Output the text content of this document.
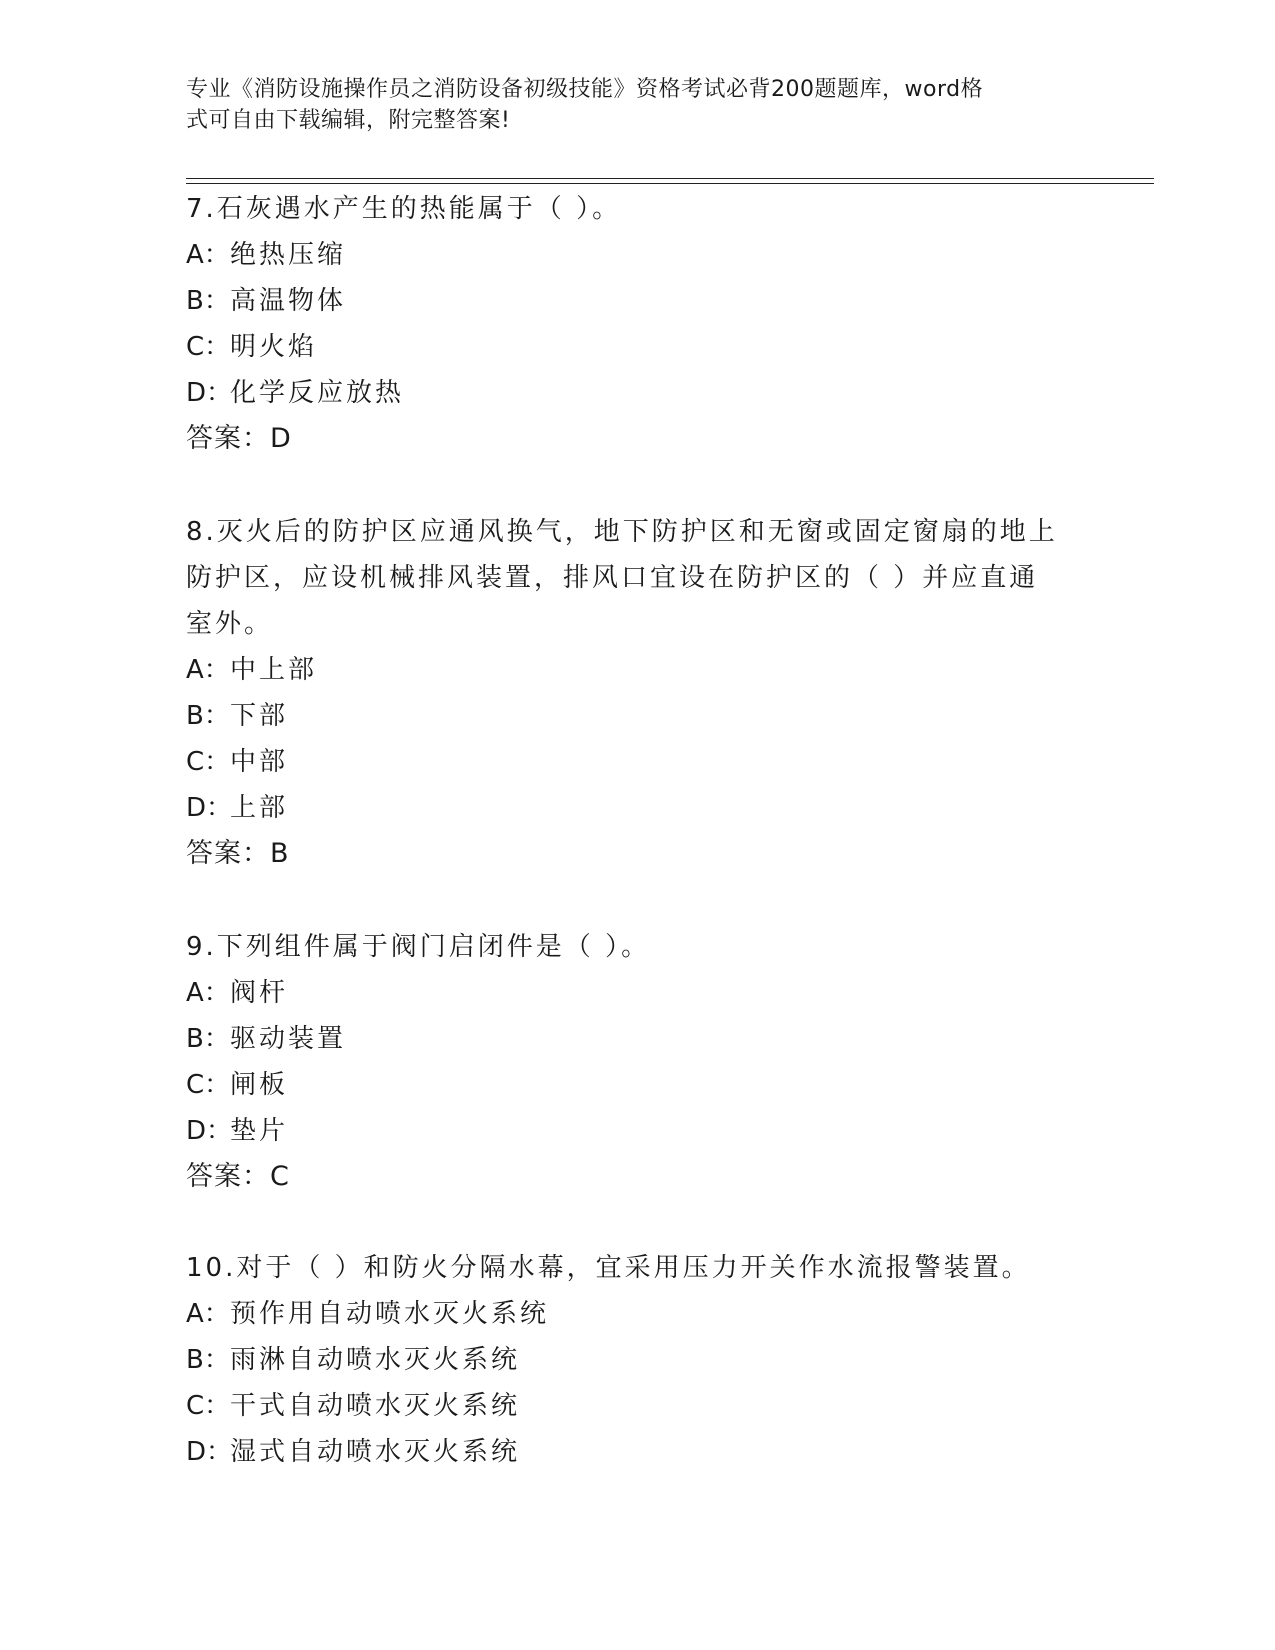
专业《消防设施操作员之消防设备初级技能》资格考试必背200题题库，word格
式可自由下载编辑，附完整答案!
7.石灰遇水产生的热能属于（ ）。
A：绝热压缩
B：高温物体
C：明火焰
D：化学反应放热
答案：D
8.灭火后的防护区应通风换气，地下防护区和无窗或固定窗扇的地上
防护区，应设机械排风装置，排风口宜设在防护区的（ ）并应直通
室外。
A：中上部
B：下部
C：中部
D：上部
答案：B
9.下列组件属于阀门启闭件是（ ）。
A：阀杆
B：驱动装置
C：闸板
D：垫片
答案：C
10.对于（ ）和防火分隔水幕，宜采用压力开关作水流报警装置。
A：预作用自动喷水灭火系统
B：雨淋自动喷水灭火系统
C：干式自动喷水灭火系统
D：湿式自动喷水灭火系统
